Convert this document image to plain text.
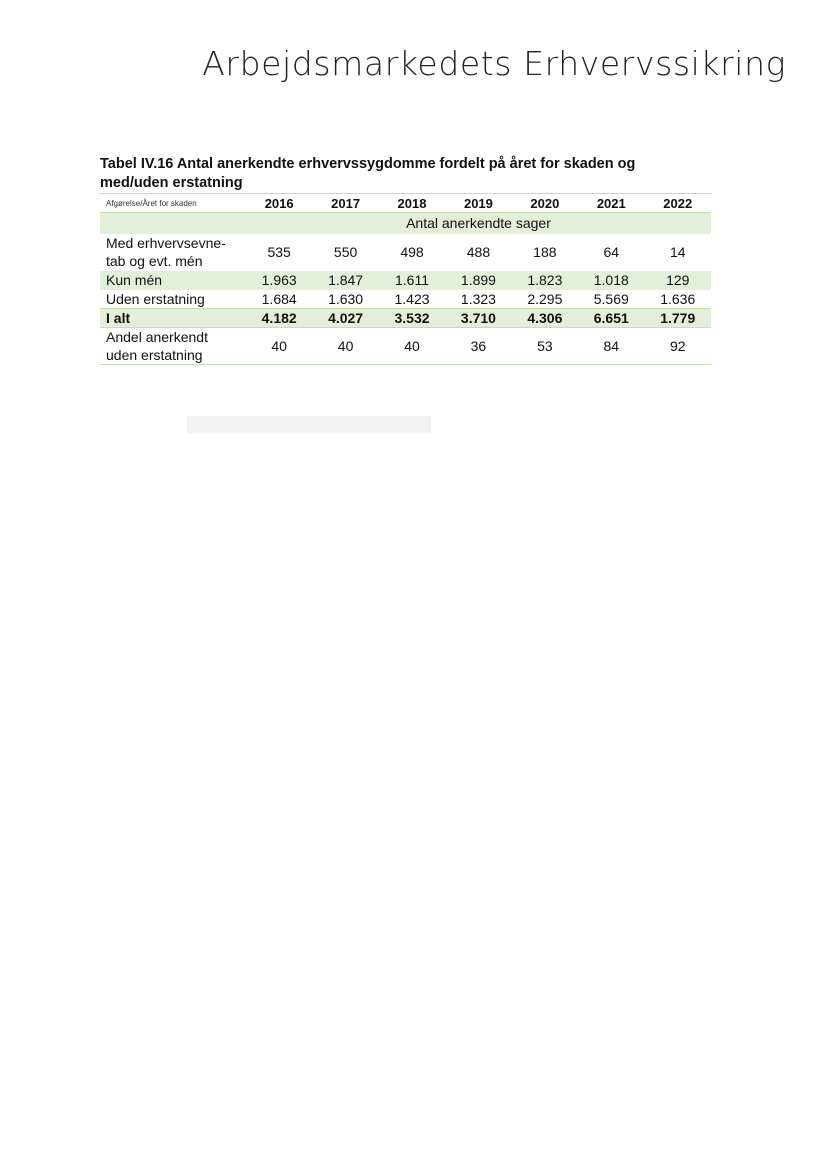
Arbejdsmarkedets Erhvervssikring
Tabel IV.16 Antal anerkendte erhvervssygdomme fordelt på året for skaden og med/uden erstatning
Afgørelse/Året for skaden	2016	2017	2018	2019	2020	2021	2022
	Antal anerkendte sager						
Med erhvervsevne-
tab og evt. mén	535	550	498	488	188	64	14
Kun mén	1.963	1.847	1.611	1.899	1.823	1.018	129
Uden erstatning	1.684	1.630	1.423	1.323	2.295	5.569	1.636
I alt	4.182	4.027	3.532	3.710	4.306	6.651	1.779
Andel anerkendt
uden erstatning	40	40	40	36	53	84	92
